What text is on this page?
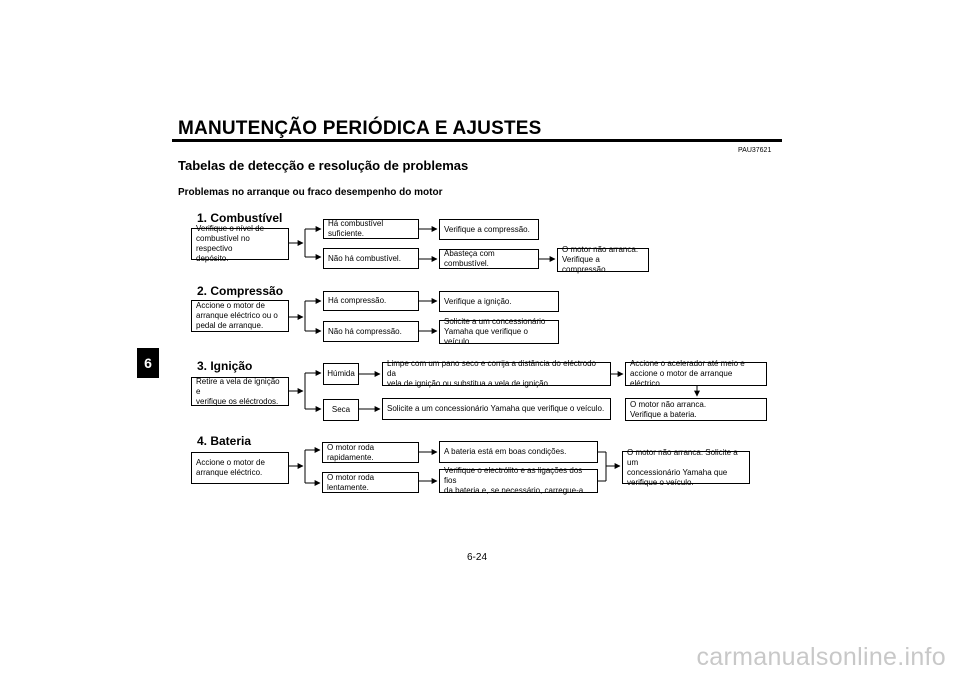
MANUTENÇÃO PERIÓDICA E AJUSTES
6
PAU37621
Tabelas de detecção e resolução de problemas
Problemas no arranque ou fraco desempenho do motor
1. Combustível
Verifique o nível de
combustível no respectivo
depósito.
Há combustível suficiente.	Verifique a compressão.
Não há combustível.	Abasteça com combustível.
O motor não arranca.
Verifique a compressão.
2. Compressão
Accione o motor de
arranque eléctrico ou o
pedal de arranque.
Há compressão.	Verifique a ignição.
Não há compressão.
Solicite a um concessionário
Yamaha que verifique o veículo.
3. Ignição
Retire a vela de ignição e
verifique os eléctrodos.
Húmida
Limpe com um pano seco e corrija a distância do eléctrodo da
vela de ignição ou substitua a vela de ignição.
Accione o acelerador até meio e
accione o motor de arranque eléctrico.
O motor não arranca.
Verifique a bateria.
Seca	Solicite a um concessionário Yamaha que verifique o veículo.
4. Bateria
Accione o motor de
arranque eléctrico.
O motor roda rapidamente.
A bateria está em boas condições.
O motor roda lentamente.
Verifique o electrólito e as ligações dos fios
da bateria e, se necessário, carregue-a.
O motor não arranca. Solicite a um
concessionário Yamaha que
verifique o veículo.
6-24
carmanualsonline.info
